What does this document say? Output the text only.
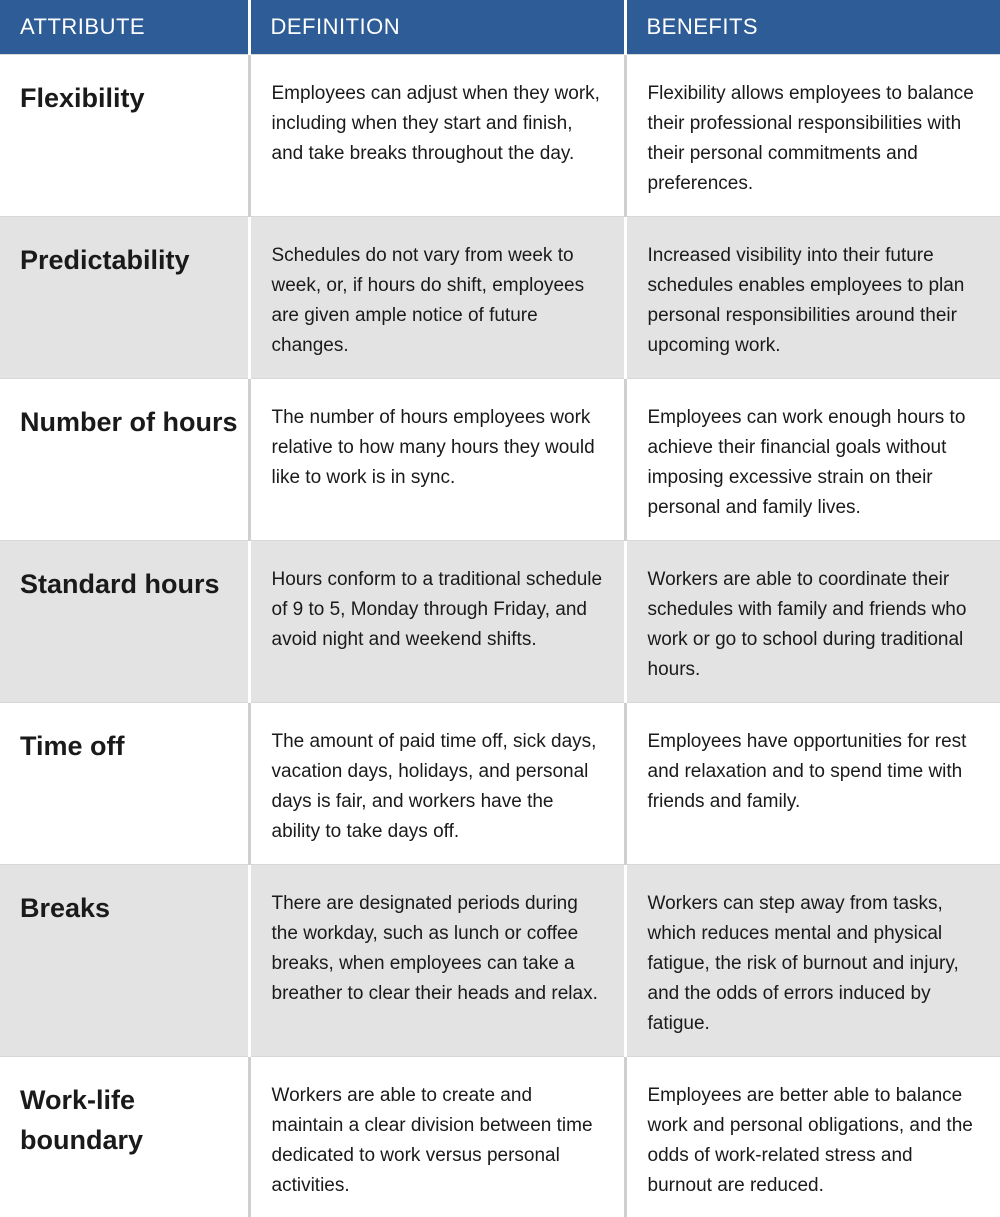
ATTRIBUTE	DEFINITION	BENEFITS
Flexibility	Employees can adjust when they work, including when they start and finish, and take breaks throughout the day.	Flexibility allows employees to balance their professional responsibilities with their personal commitments and preferences.
Predictability	Schedules do not vary from week to week, or, if hours do shift, employees are given ample notice of future changes.	Increased visibility into their future schedules enables employees to plan personal responsibilities around their upcoming work.
Number of hours	The number of hours employees work relative to how many hours they would like to work is in sync.	Employees can work enough hours to achieve their financial goals without imposing excessive strain on their personal and family lives.
Standard hours	Hours conform to a traditional schedule of 9 to 5, Monday through Friday, and avoid night and weekend shifts.	Workers are able to coordinate their schedules with family and friends who work or go to school during traditional hours.
Time off	The amount of paid time off, sick days, vacation days, holidays, and personal days is fair, and workers have the ability to take days off.	Employees have opportunities for rest and relaxation and to spend time with friends and family.
Breaks	There are designated periods during the workday, such as lunch or coffee breaks, when employees can take a breather to clear their heads and relax.	Workers can step away from tasks, which reduces mental and physical fatigue, the risk of burnout and injury, and the odds of errors induced by fatigue.
Work-life boundary	Workers are able to create and maintain a clear division between time dedicated to work versus personal activities.	Employees are better able to balance work and personal obligations, and the odds of work-related stress and burnout are reduced.
